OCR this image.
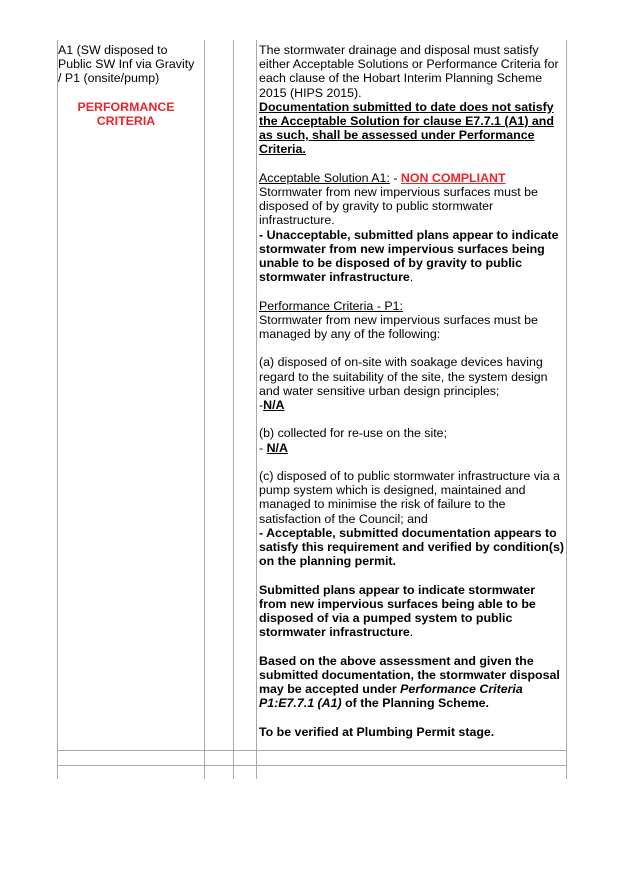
A1 (SW disposed to Public SW Inf via Gravity / P1 (onsite/pump)

PERFORMANCE CRITERIA

The stormwater drainage and disposal must satisfy either Acceptable Solutions or Performance Criteria for each clause of the Hobart Interim Planning Scheme 2015 (HIPS 2015).

Documentation submitted to date does not satisfy the Acceptable Solution for clause E7.7.1 (A1) and as such, shall be assessed under Performance Criteria.

Acceptable Solution A1: - NON COMPLIANT

Stormwater from new impervious surfaces must be disposed of by gravity to public stormwater infrastructure.

- Unacceptable, submitted plans appear to indicate stormwater from new impervious surfaces being unable to be disposed of by gravity to public stormwater infrastructure.

Performance Criteria - P1:

Stormwater from new impervious surfaces must be managed by any of the following:

(a) disposed of on-site with soakage devices having regard to the suitability of the site, the system design and water sensitive urban design principles;

-N/A

(b) collected for re-use on the site;

- N/A

(c) disposed of to public stormwater infrastructure via a pump system which is designed, maintained and managed to minimise the risk of failure to the satisfaction of the Council; and

- Acceptable, submitted documentation appears to satisfy this requirement and verified by condition(s) on the planning permit.

Submitted plans appear to indicate stormwater from new impervious surfaces being able to be disposed of via a pumped system to public stormwater infrastructure.

Based on the above assessment and given the submitted documentation, the stormwater disposal may be accepted under Performance Criteria P1:E7.7.1 (A1) of the Planning Scheme.

To be verified at Plumbing Permit stage.
